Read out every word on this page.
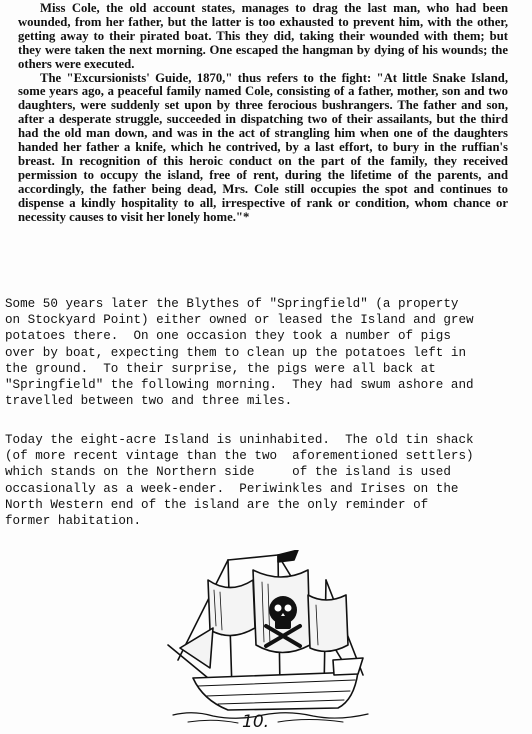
Miss Cole, the old account states, manages to drag the last man, who had been wounded, from her father, but the latter is too exhausted to prevent him, with the other, getting away to their pirated boat. This they did, taking their wounded with them; but they were taken the next morning. One escaped the hangman by dying of his wounds; the others were executed.

The "Excursionists' Guide, 1870," thus refers to the fight: "At little Snake Island, some years ago, a peaceful family named Cole, consisting of a father, mother, son and two daughters, were suddenly set upon by three ferocious bushrangers. The father and son, after a desperate struggle, succeeded in dispatching two of their assailants, but the third had the old man down, and was in the act of strangling him when one of the daughters handed her father a knife, which he contrived, by a last effort, to bury in the ruffian's breast. In recognition of this heroic conduct on the part of the family, they received permission to occupy the island, free of rent, during the lifetime of the parents, and accordingly, the father being dead, Mrs. Cole still occupies the spot and continues to dispense a kindly hospitality to all, irrespective of rank or condition, whom chance or necessity causes to visit her lonely home."*

Some 50 years later the Blythes of "Springfield" (a property
on Stockyard Point) either owned or leased the Island and grew
potatoes there.  On one occasion they took a number of pigs
over by boat, expecting them to clean up the potatoes left in
the ground.  To their surprise, the pigs were all back at
"Springfield" the following morning.  They had swum ashore and
travelled between two and three miles.
Today the eight-acre Island is uninhabited.  The old tin shack
(of more recent vintage than the two  aforementioned settlers)
which stands on the Northern side     of the island is used
occasionally as a week-ender.  Periwinkles and Irises on the
North Western end of the island are the only reminder of
former habitation.
10.
